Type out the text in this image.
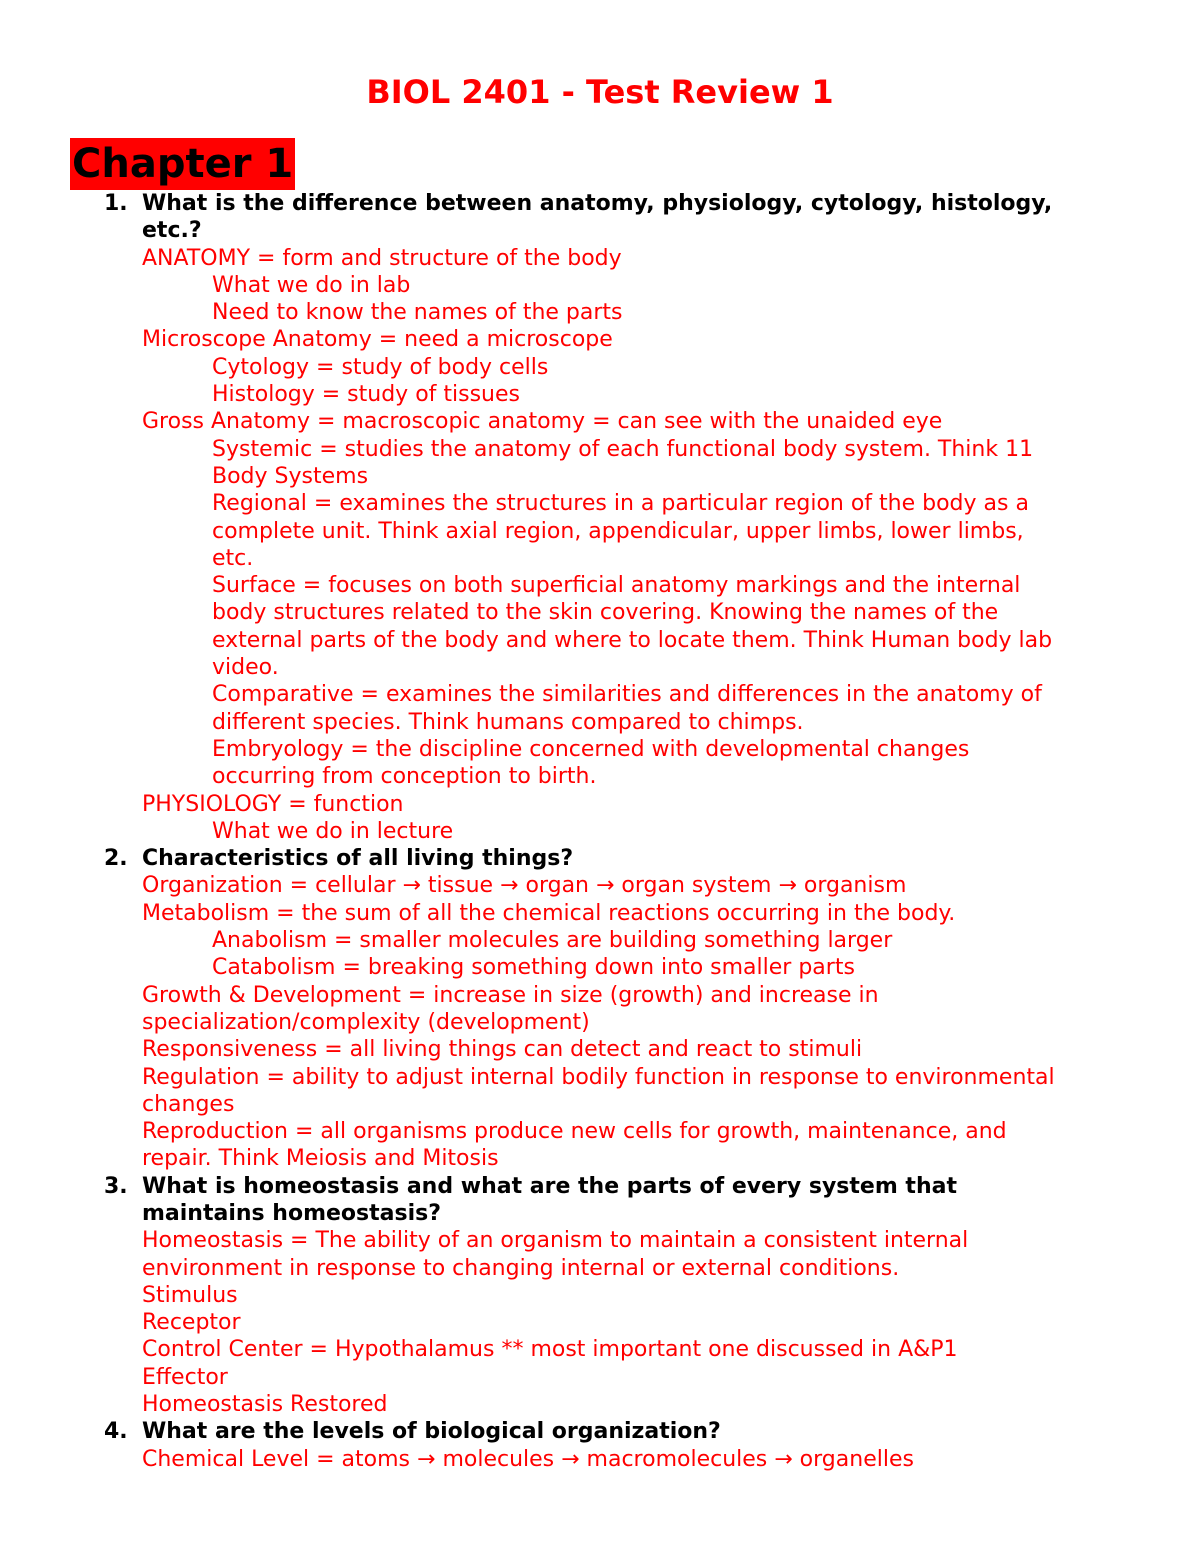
BIOL 2401 - Test Review 1
Chapter 1
1. What is the difference between anatomy, physiology, cytology, histology,
etc.?
ANATOMY = form and structure of the body
What we do in lab
Need to know the names of the parts
Microscope Anatomy = need a microscope
Cytology = study of body cells
Histology = study of tissues
Gross Anatomy = macroscopic anatomy = can see with the unaided eye
Systemic = studies the anatomy of each functional body system. Think 11
Body Systems
Regional = examines the structures in a particular region of the body as a
complete unit. Think axial region, appendicular, upper limbs, lower limbs,
etc.
Surface = focuses on both superficial anatomy markings and the internal
body structures related to the skin covering. Knowing the names of the
external parts of the body and where to locate them. Think Human body lab
video.
Comparative = examines the similarities and differences in the anatomy of
different species. Think humans compared to chimps.
Embryology = the discipline concerned with developmental changes
occurring from conception to birth.
PHYSIOLOGY = function
What we do in lecture
2. Characteristics of all living things?
Organization = cellular → tissue → organ → organ system → organism
Metabolism = the sum of all the chemical reactions occurring in the body.
Anabolism = smaller molecules are building something larger
Catabolism = breaking something down into smaller parts
Growth & Development = increase in size (growth) and increase in
specialization/complexity (development)
Responsiveness = all living things can detect and react to stimuli
Regulation = ability to adjust internal bodily function in response to environmental
changes
Reproduction = all organisms produce new cells for growth, maintenance, and
repair. Think Meiosis and Mitosis
3. What is homeostasis and what are the parts of every system that
maintains homeostasis?
Homeostasis = The ability of an organism to maintain a consistent internal
environment in response to changing internal or external conditions.
Stimulus
Receptor
Control Center = Hypothalamus ** most important one discussed in A&P1
Effector
Homeostasis Restored
4. What are the levels of biological organization?
Chemical Level = atoms → molecules → macromolecules → organelles
